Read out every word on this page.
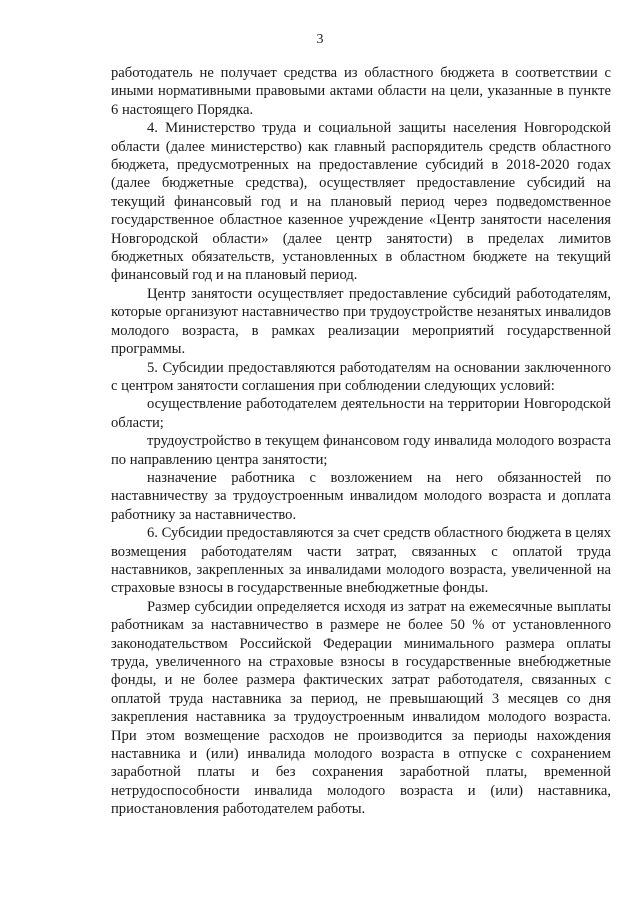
3

работодатель не получает средства из областного бюджета в соответствии с иными нормативными правовыми актами области на цели, указанные в пункте 6 настоящего Порядка.

4. Министерство труда и социальной защиты населения Новгородской области (далее министерство) как главный распорядитель средств областного бюджета, предусмотренных на предоставление субсидий в 2018-2020 годах (далее бюджетные средства), осуществляет предоставление субсидий на текущий финансовый год и на плановый период через подведомственное государственное областное казенное учреждение «Центр занятости населения Новгородской области» (далее центр занятости) в пределах лимитов бюджетных обязательств, установленных в областном бюджете на текущий финансовый год и на плановый период.

Центр занятости осуществляет предоставление субсидий работодателям, которые организуют наставничество при трудоустройстве незанятых инвалидов молодого возраста, в рамках реализации мероприятий государственной программы.

5. Субсидии предоставляются работодателям на основании заключенного с центром занятости соглашения при соблюдении следующих условий:

осуществление работодателем деятельности на территории Новгородской области;

трудоустройство в текущем финансовом году инвалида молодого возраста по направлению центра занятости;

назначение работника с возложением на него обязанностей по наставничеству за трудоустроенным инвалидом молодого возраста и доплата работнику за наставничество.

6. Субсидии предоставляются за счет средств областного бюджета в целях возмещения работодателям части затрат, связанных с оплатой труда наставников, закрепленных за инвалидами молодого возраста, увеличенной на страховые взносы в государственные внебюджетные фонды.

Размер субсидии определяется исходя из затрат на ежемесячные выплаты работникам за наставничество в размере не более 50 % от установленного законодательством Российской Федерации минимального размера оплаты труда, увеличенного на страховые взносы в государственные внебюджетные фонды, и не более размера фактических затрат работодателя, связанных с оплатой труда наставника за период, не превышающий 3 месяцев со дня закрепления наставника за трудоустроенным инвалидом молодого возраста. При этом возмещение расходов не производится за периоды нахождения наставника и (или) инвалида молодого возраста в отпуске с сохранением заработной платы и без сохранения заработной платы, временной нетрудоспособности инвалида молодого возраста и (или) наставника, приостановления работодателем работы.
